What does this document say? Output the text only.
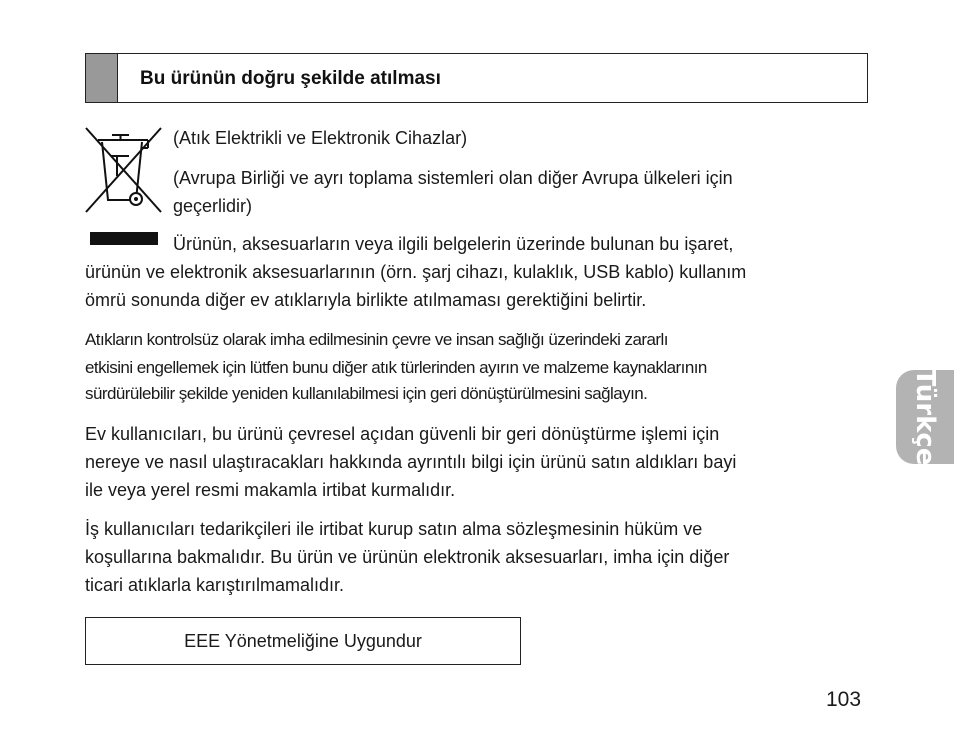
Bu ürünün doğru şekilde atılması
(Atık Elektrikli ve Elektronik Cihazlar)
(Avrupa Birliği ve ayrı toplama sistemleri olan diğer Avrupa ülkeleri için
geçerlidir)
Ürünün, aksesuarların veya ilgili belgelerin üzerinde bulunan bu işaret,
ürünün ve elektronik aksesuarlarının (örn. şarj cihazı, kulaklık, USB kablo) kullanım
ömrü sonunda diğer ev atıklarıyla birlikte atılmaması gerektiğini belirtir.
Atıkların kontrolsüz olarak imha edilmesinin çevre ve insan sağlığı üzerindeki zararlı
etkisini engellemek için lütfen bunu diğer atık türlerinden ayırın ve malzeme kaynaklarının
sürdürülebilir şekilde yeniden kullanılabilmesi için geri dönüştürülmesini sağlayın.
Ev kullanıcıları, bu ürünü çevresel açıdan güvenli bir geri dönüştürme işlemi için
nereye ve nasıl ulaştıracakları hakkında ayrıntılı bilgi için ürünü satın aldıkları bayi
ile veya yerel resmi makamla irtibat kurmalıdır.
İş kullanıcıları tedarikçileri ile irtibat kurup satın alma sözleşmesinin hüküm ve
koşullarına bakmalıdır. Bu ürün ve ürünün elektronik aksesuarları, imha için diğer
ticari atıklarla karıştırılmamalıdır.
Türkçe
EEE Yönetmeliğine Uygundur
103
